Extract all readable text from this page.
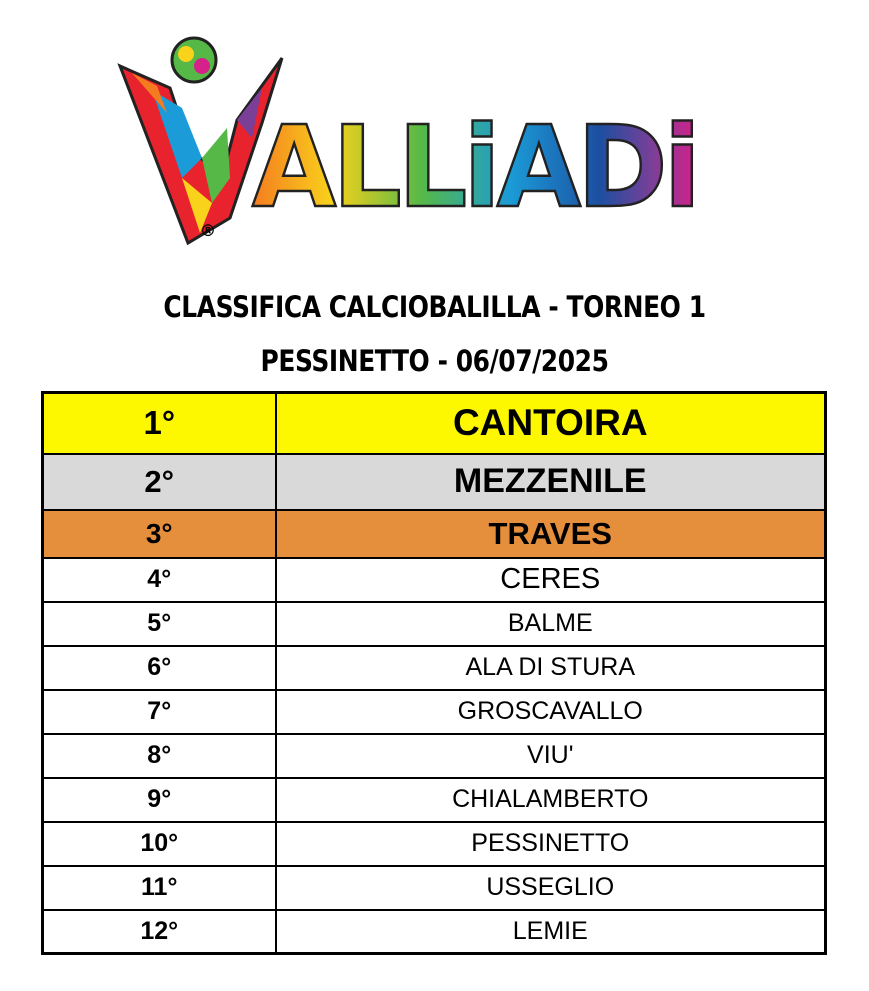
® ALLiADi
CLASSIFICA CALCIOBALILLA - TORNEO 1
PESSINETTO - 06/07/2025
1°	CANTOIRA
2°	MEZZENILE
3°	TRAVES
4°	CERES
5°	BALME
6°	ALA DI STURA
7°	GROSCAVALLO
8°	VIU'
9°	CHIALAMBERTO
10°	PESSINETTO
11°	USSEGLIO
12°	LEMIE
